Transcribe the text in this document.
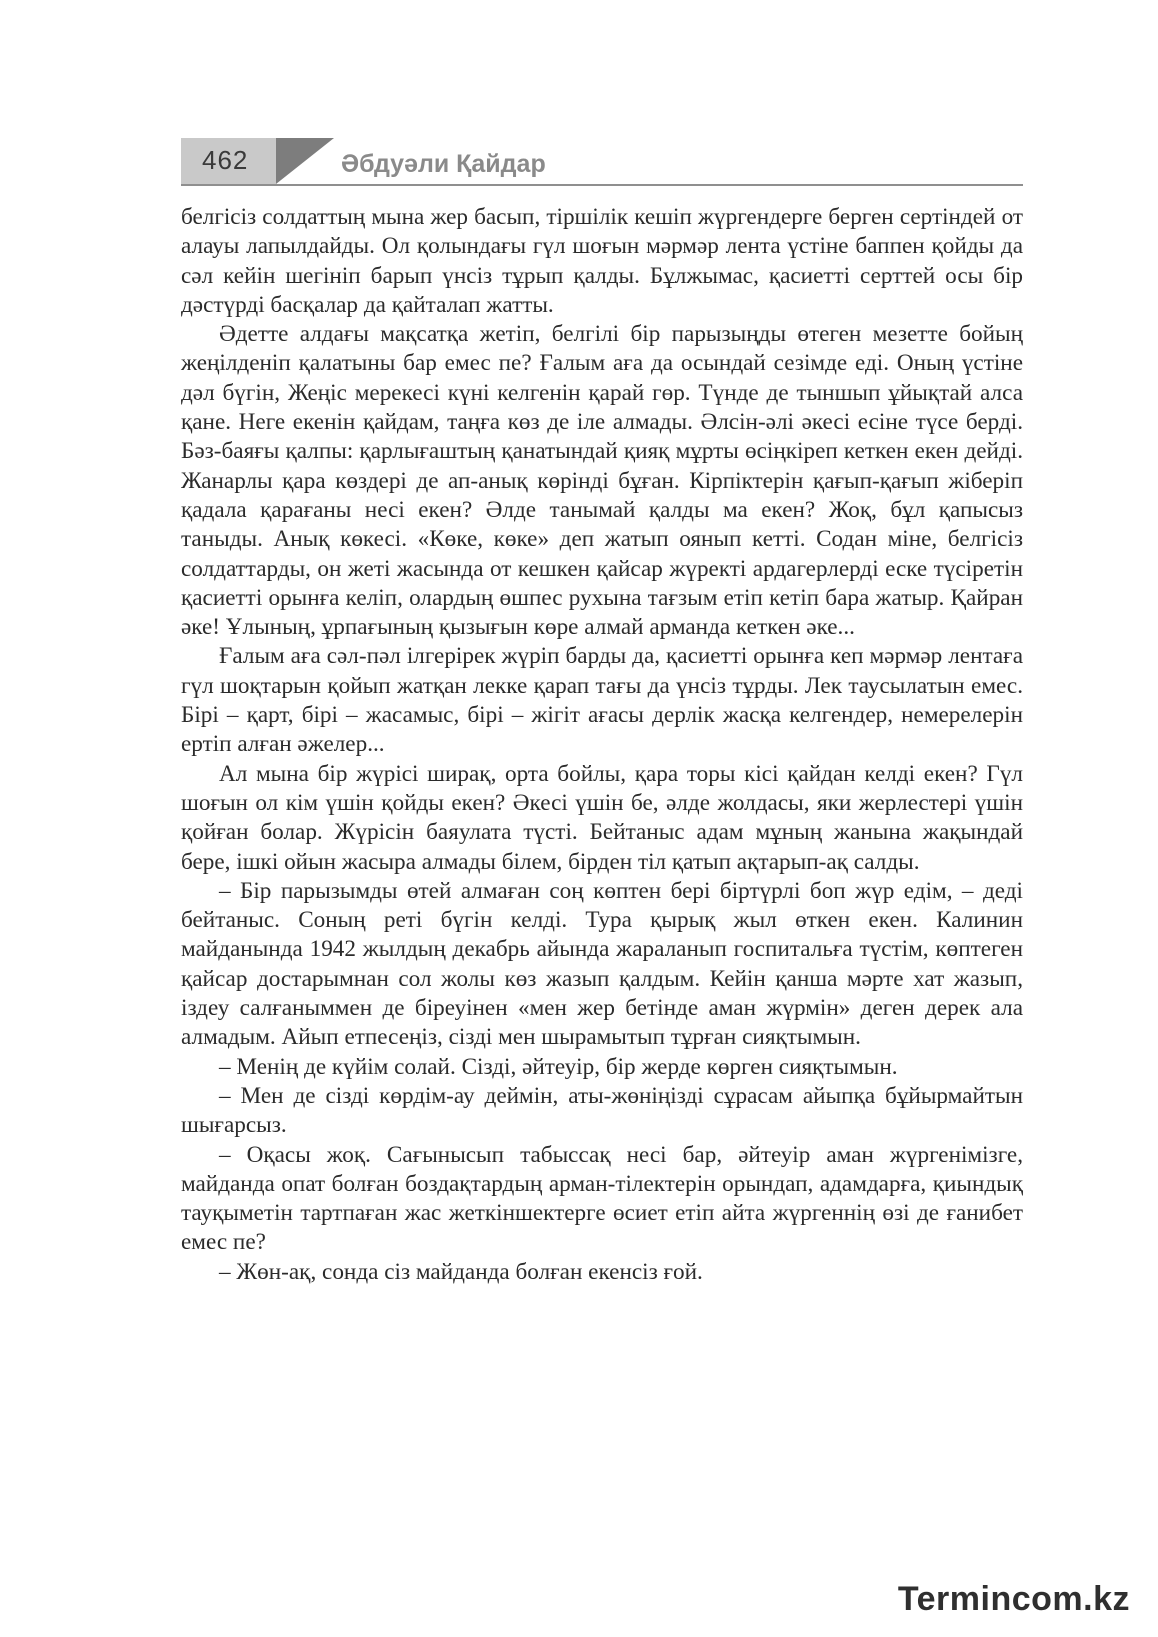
462	Әбдуәли Қайдар

белгісіз солдаттың мына жер басып, тіршілік кешіп жүргендерге берген сертіндей от алауы лапылдайды. Ол қолындағы гүл шоғын мәрмәр лента үстіне баппен қойды да сәл кейін шегініп барып үнсіз тұрып қалды. Бұлжымас, қасиетті серттей осы бір дәстүрді басқалар да қайталап жатты.

Әдетте алдағы мақсатқа жетіп, белгілі бір парызыңды өтеген мезетте бойың жеңілденіп қалатыны бар емес пе? Ғалым аға да осындай сезімде еді. Оның үстіне дәл бүгін, Жеңіс мерекесі күні келгенін қарай гөр. Түнде де тыншып ұйықтай алса қане. Неге екенін қайдам, таңға көз де іле алмады. Әлсін-әлі әкесі есіне түсе берді. Бәз-баяғы қалпы: қарлығаштың қанатындай қияқ мұрты өсіңкіреп кеткен екен дейді. Жанарлы қара көздері де ап-анық көрінді бұған. Кірпіктерін қағып-қағып жіберіп қадала қарағаны несі екен? Әлде танымай қалды ма екен? Жоқ, бұл қапысыз таныды. Анық көкесі. «Көке, көке» деп жатып оянып кетті. Содан міне, белгісіз солдаттарды, он жеті жасында от кешкен қайсар жүректі ардагерлерді еске түсіретін қасиетті орынға келіп, олардың өшпес рухына тағзым етіп кетіп бара жатыр. Қайран әке! Ұлының, ұрпағының қызығын көре алмай арманда кеткен әке...

Ғалым аға сәл-пәл ілгерірек жүріп барды да, қасиетті орынға кеп мәрмәр лентаға гүл шоқтарын қойып жатқан лекке қарап тағы да үнсіз тұрды. Лек таусылатын емес. Бірі – қарт, бірі – жасамыс, бірі – жігіт ағасы дерлік жасқа келгендер, немерелерін ертіп алған әжелер...

Ал мына бір жүрісі ширақ, орта бойлы, қара торы кісі қайдан келді екен? Гүл шоғын ол кім үшін қойды екен? Әкесі үшін бе, әлде жолдасы, яки жерлестері үшін қойған болар. Жүрісін баяулата түсті. Бейтаныс адам мұның жанына жақындай бере, ішкі ойын жасыра алмады білем, бірден тіл қатып ақтарып-ақ салды.

– Бір парызымды өтей алмаған соң көптен бері біртүрлі боп жүр едім, – деді бейтаныс. Соның реті бүгін келді. Тура қырық жыл өткен екен. Калинин майданында 1942 жылдың декабрь айында жараланып госпитальға түстім, көптеген қайсар достарымнан сол жолы көз жазып қалдым. Кейін қанша мәрте хат жазып, іздеу салғаныммен де біреуінен «мен жер бетінде аман жүрмін» деген дерек ала алмадым. Айып етпесеңіз, сізді мен шырамытып тұрған сияқтымын.

– Менің де күйім солай. Сізді, әйтеуір, бір жерде көрген сияқтымын.

– Мен де сізді көрдім-ау деймін, аты-жөніңізді сұрасам айыпқа бұйырмайтын шығарсыз.

– Оқасы жоқ. Сағынысып табыссақ несі бар, әйтеуір аман жүргенімізге, майданда опат болған боздақтардың арман-тілектерін орындап, адамдарға, қиындық тауқыметін тартпаған жас жеткіншектерге өсиет етіп айта жүргеннің өзі де ғанибет емес пе?

– Жөн-ақ, сонда сіз майданда болған екенсіз ғой.

Termincom.kz
